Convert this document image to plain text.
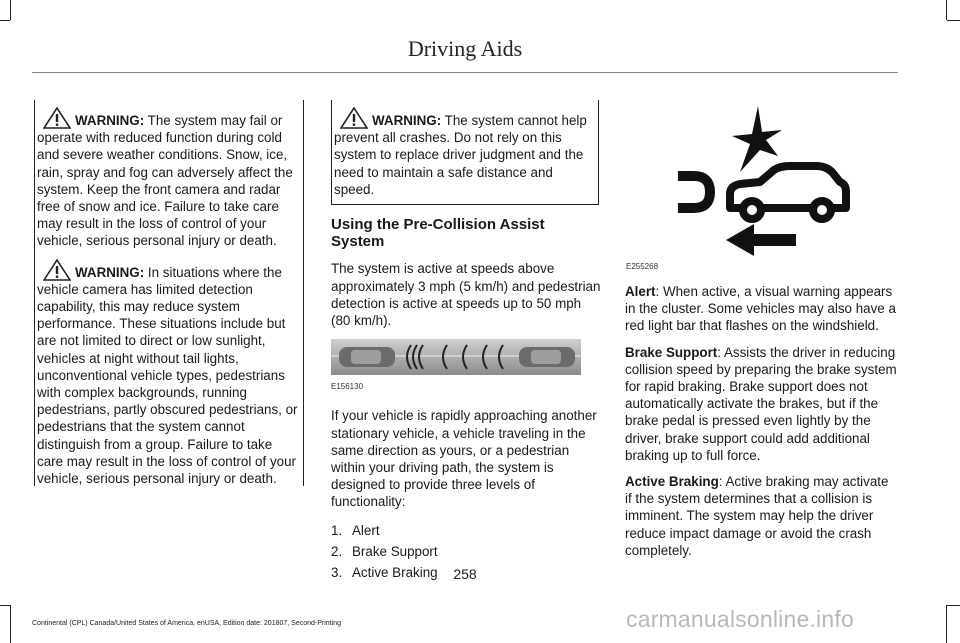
Driving Aids

WARNING: The system may fail or operate with reduced function during cold and severe weather conditions. Snow, ice, rain, spray and fog can adversely affect the system. Keep the front camera and radar free of snow and ice. Failure to take care may result in the loss of control of your vehicle, serious personal injury or death.

WARNING: In situations where the vehicle camera has limited detection capability, this may reduce system performance. These situations include but are not limited to direct or low sunlight, vehicles at night without tail lights, unconventional vehicle types, pedestrians with complex backgrounds, running pedestrians, partly obscured pedestrians, or pedestrians that the system cannot distinguish from a group. Failure to take care may result in the loss of control of your vehicle, serious personal injury or death.

WARNING: The system cannot help prevent all crashes. Do not rely on this system to replace driver judgment and the need to maintain a safe distance and speed.

Using the Pre-Collision Assist System

The system is active at speeds above approximately 3 mph (5 km/h) and pedestrian detection is active at speeds up to 50 mph (80 km/h).

E156130

If your vehicle is rapidly approaching another stationary vehicle, a vehicle traveling in the same direction as yours, or a pedestrian within your driving path, the system is designed to provide three levels of functionality:

1. Alert
2. Brake Support
3. Active Braking
E255268

Alert: When active, a visual warning appears in the cluster. Some vehicles may also have a red light bar that flashes on the windshield.

Brake Support: Assists the driver in reducing collision speed by preparing the brake system for rapid braking. Brake support does not automatically activate the brakes, but if the brake pedal is pressed even lightly by the driver, brake support could add additional braking up to full force.

Active Braking: Active braking may activate if the system determines that a collision is imminent. The system may help the driver reduce impact damage or avoid the crash completely.

258
Continental (CPL) Canada/United States of America, enUSA, Edition date: 201807, Second-Printing	carmanualsonline.info
